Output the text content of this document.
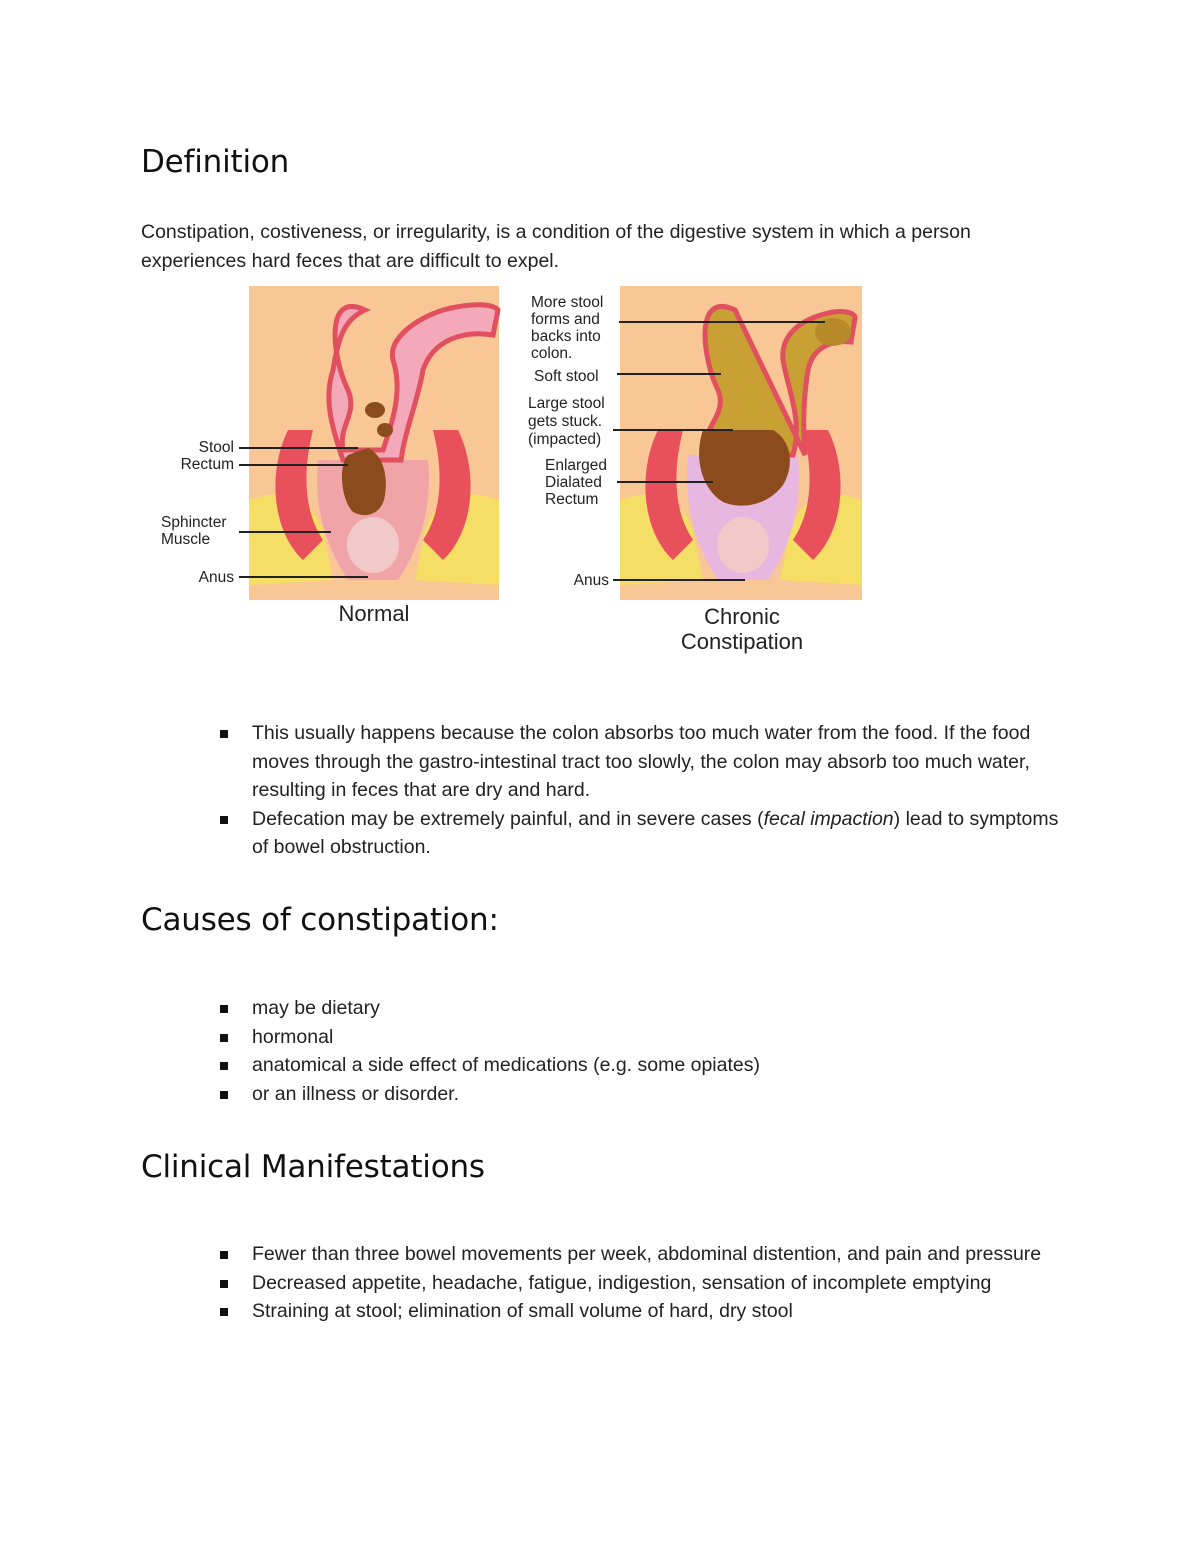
Definition

Constipation, costiveness, or irregularity, is a condition of the digestive system in which a person experiences hard feces that are difficult to expel.

Stool
Rectum
Sphincter
Muscle
Anus
Normal
More stool
forms and
backs into
colon.
Soft stool
Large stool
gets stuck.
(impacted)
Enlarged
Dialated
Rectum
Anus
Chronic
Constipation
This usually happens because the colon absorbs too much water from the food. If the food moves through the gastro-intestinal tract too slowly, the colon may absorb too much water, resulting in feces that are dry and hard.
Defecation may be extremely painful, and in severe cases (fecal impaction) lead to symptoms of bowel obstruction.
Causes of constipation:
may be dietary
hormonal
anatomical a side effect of medications (e.g. some opiates)
or an illness or disorder.
Clinical Manifestations
Fewer than three bowel movements per week, abdominal distention, and pain and pressure
Decreased appetite, headache, fatigue, indigestion, sensation of incomplete emptying
Straining at stool; elimination of small volume of hard, dry stool
